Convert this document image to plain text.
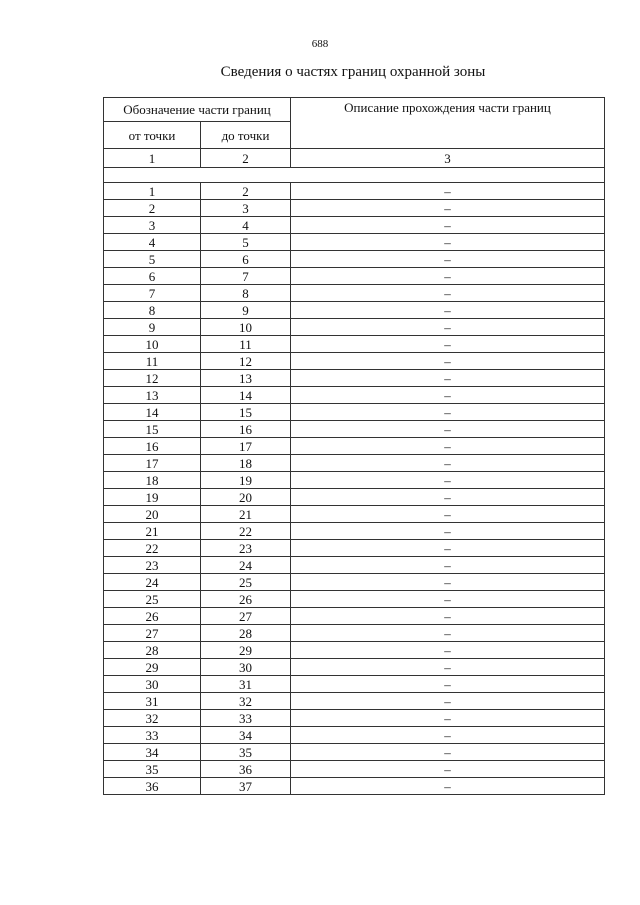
688
Сведения о частях границ охранной зоны
Обозначение части границ		Описание прохождения части границ
от точки	до точки	
1	2	3

1	2	–
2	3	–
3	4	–
4	5	–
5	6	–
6	7	–
7	8	–
8	9	–
9	10	–
10	11	–
11	12	–
12	13	–
13	14	–
14	15	–
15	16	–
16	17	–
17	18	–
18	19	–
19	20	–
20	21	–
21	22	–
22	23	–
23	24	–
24	25	–
25	26	–
26	27	–
27	28	–
28	29	–
29	30	–
30	31	–
31	32	–
32	33	–
33	34	–
34	35	–
35	36	–
36	37	–
